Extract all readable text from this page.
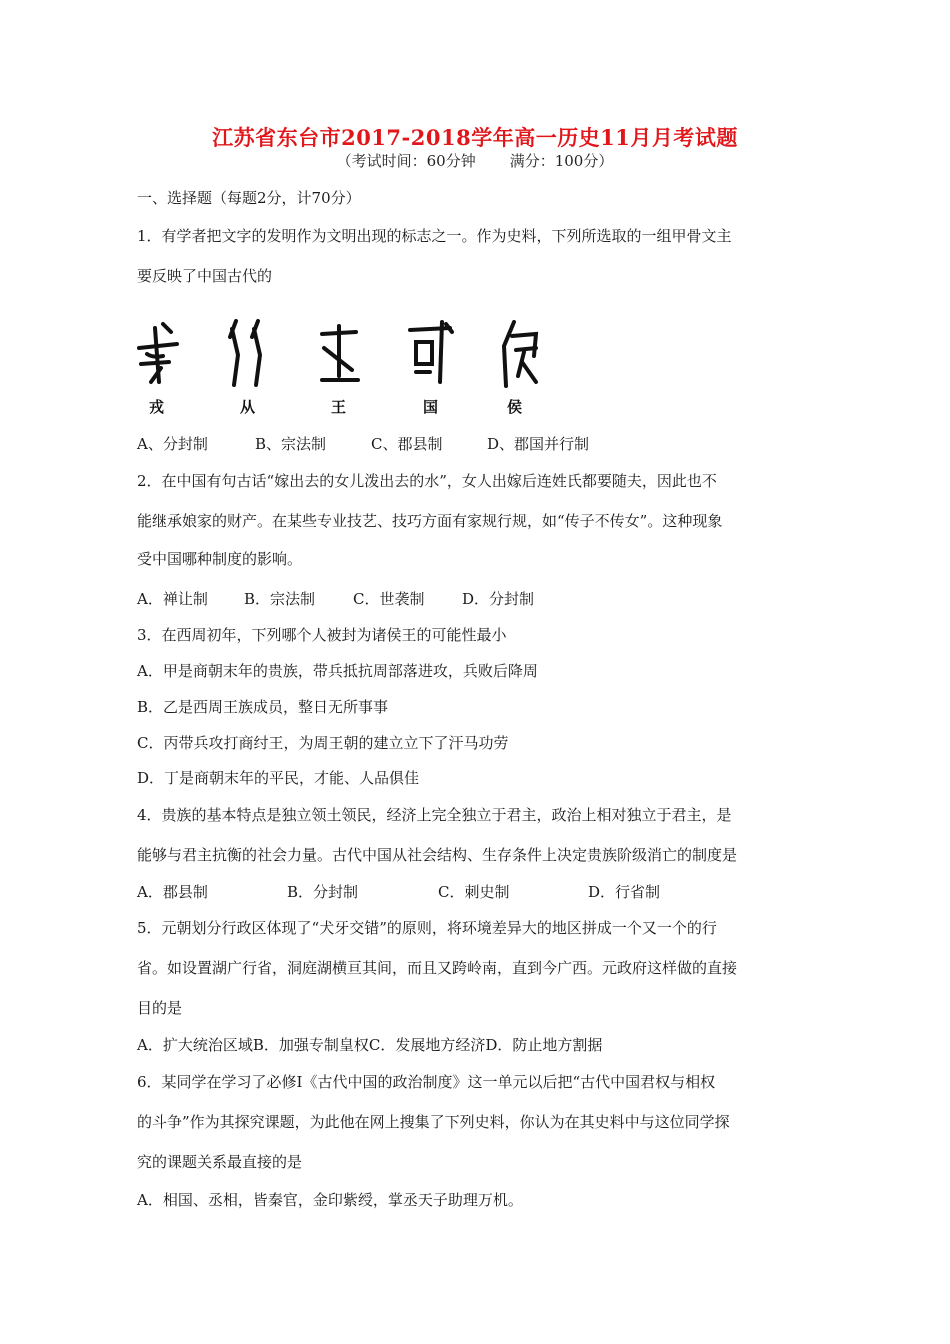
江苏省东台市2017-2018学年高一历史11月月考试题
（考试时间：60分钟 满分：100分）
一、选择题（每题2分，计70分）
1．有学者把文字的发明作为文明出现的标志之一。作为史料，下列所选取的一组甲骨文主
要反映了中国古代的
戎	从	王	国	侯
A、分封制	B、宗法制	C、郡县制	D、郡国并行制
2．在中国有句古话“嫁出去的女儿泼出去的水”，女人出嫁后连姓氏都要随夫，因此也不
能继承娘家的财产。在某些专业技艺、技巧方面有家规行规，如“传子不传女”。这种现象
受中国哪种制度的影响。
A．禅让制 B．宗法制	C．世袭制	D．分封制
3．在西周初年，下列哪个人被封为诸侯王的可能性最小
A．甲是商朝末年的贵族，带兵抵抗周部落进攻，兵败后降周
B．乙是西周王族成员，整日无所事事
C．丙带兵攻打商纣王，为周王朝的建立立下了汗马功劳
D．丁是商朝末年的平民，才能、人品俱佳
4．贵族的基本特点是独立领土领民，经济上完全独立于君主，政治上相对独立于君主，是
能够与君主抗衡的社会力量。古代中国从社会结构、生存条件上决定贵族阶级消亡的制度是
A．郡县制	B．分封制	C．刺史制	D．行省制
5．元朝划分行政区体现了“犬牙交错”的原则，将环境差异大的地区拼成一个又一个的行
省。如设置湖广行省，洞庭湖横亘其间，而且又跨岭南，直到今广西。元政府这样做的直接
目的是
A．扩大统治区域B．加强专制皇权C．发展地方经济D．防止地方割据
6．某同学在学习了必修Ⅰ《古代中国的政治制度》这一单元以后把“古代中国君权与相权
的斗争”作为其探究课题，为此他在网上搜集了下列史料，你认为在其史料中与这位同学探
究的课题关系最直接的是
A．相国、丞相，皆秦官，金印紫绶，掌丞天子助理万机。
